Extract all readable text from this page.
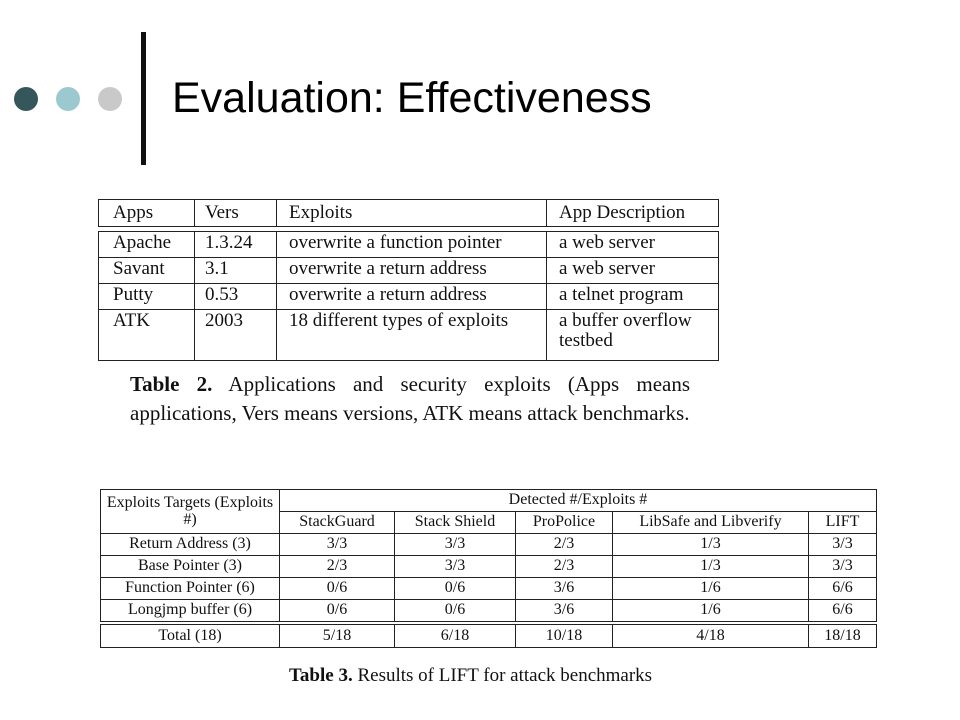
Evaluation: Effectiveness
Apps	Vers	Exploits	App Description
Apache	1.3.24	overwrite a function pointer	a web server
Savant	3.1	overwrite a return address	a web server
Putty	0.53	overwrite a return address	a telnet program
ATK	2003	18 different types of exploits	a buffer overflow testbed
Table 2. Applications and security exploits (Apps means applications, Vers means versions, ATK means attack benchmarks.
Exploits Targets (Exploits #)	Detected #/Exploits #				
	StackGuard	Stack Shield	ProPolice	LibSafe and Libverify	LIFT
Return Address (3)	3/3	3/3	2/3	1/3	3/3
Base Pointer (3)	2/3	3/3	2/3	1/3	3/3
Function Pointer (6)	0/6	0/6	3/6	1/6	6/6
Longjmp buffer (6)	0/6	0/6	3/6	1/6	6/6
Total (18)	5/18	6/18	10/18	4/18	18/18
Table 3. Results of LIFT for attack benchmarks
